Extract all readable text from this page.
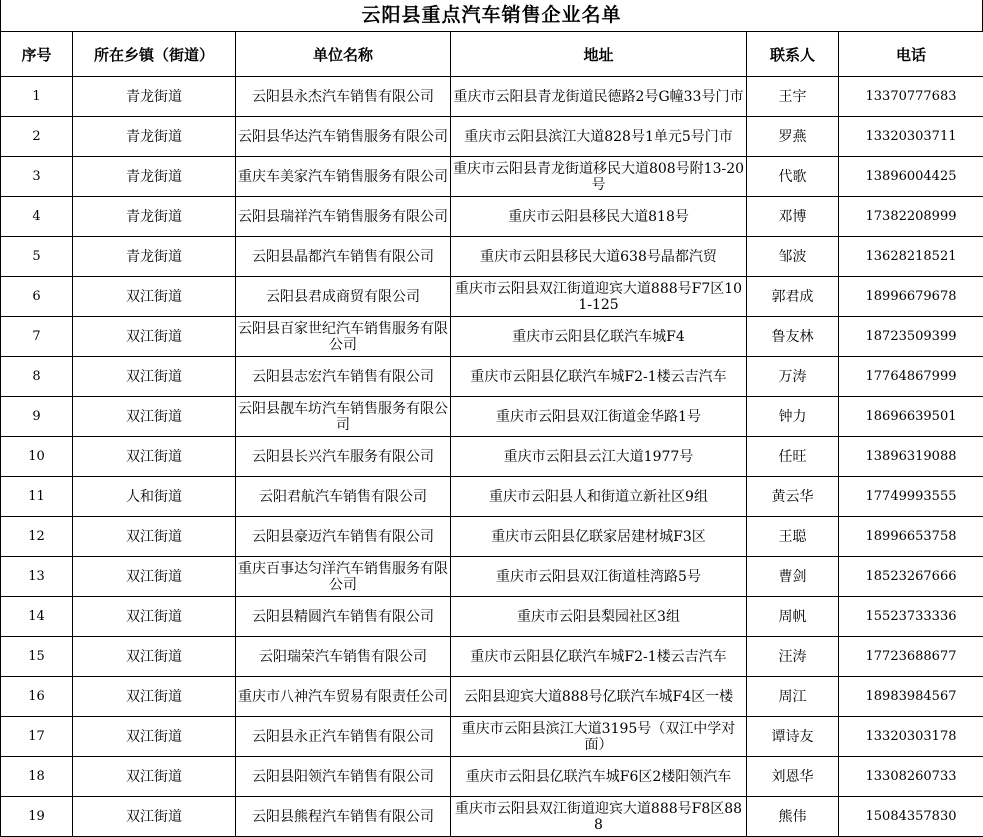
云阳县重点汽车销售企业名单
序号	所在乡镇（街道）	单位名称	地址	联系人	电话
1	青龙街道	云阳县永杰汽车销售有限公司	重庆市云阳县青龙街道民德路2号G幢33号门市	王宇	13370777683
2	青龙街道	云阳县华达汽车销售服务有限公司	重庆市云阳县滨江大道828号1单元5号门市	罗燕	13320303711
3	青龙街道	重庆车美家汽车销售服务有限公司	重庆市云阳县青龙街道移民大道808号附13-20号	代歌	13896004425
4	青龙街道	云阳县瑞祥汽车销售服务有限公司	重庆市云阳县移民大道818号	邓博	17382208999
5	青龙街道	云阳县晶都汽车销售有限公司	重庆市云阳县移民大道638号晶都汽贸	邹波	13628218521
6	双江街道	云阳县君成商贸有限公司	重庆市云阳县双江街道迎宾大道888号F7区101-125	郭君成	18996679678
7	双江街道	云阳县百家世纪汽车销售服务有限公司	重庆市云阳县亿联汽车城F4	鲁友林	18723509399
8	双江街道	云阳县志宏汽车销售有限公司	重庆市云阳县亿联汽车城F2-1楼云吉汽车	万涛	17764867999
9	双江街道	云阳县靓车坊汽车销售服务有限公司	重庆市云阳县双江街道金华路1号	钟力	18696639501
10	双江街道	云阳县长兴汽车服务有限公司	重庆市云阳县云江大道1977号	任旺	13896319088
11	人和街道	云阳君航汽车销售有限公司	重庆市云阳县人和街道立新社区9组	黄云华	17749993555
12	双江街道	云阳县豪迈汽车销售有限公司	重庆市云阳县亿联家居建材城F3区	王聪	18996653758
13	双江街道	重庆百事达匀洋汽车销售服务有限公司	重庆市云阳县双江街道桂湾路5号	曹剑	18523267666
14	双江街道	云阳县精圆汽车销售有限公司	重庆市云阳县梨园社区3组	周帆	15523733336
15	双江街道	云阳瑞荣汽车销售有限公司	重庆市云阳县亿联汽车城F2-1楼云吉汽车	汪涛	17723688677
16	双江街道	重庆市八神汽车贸易有限责任公司	云阳县迎宾大道888号亿联汽车城F4区一楼	周江	18983984567
17	双江街道	云阳县永正汽车销售有限公司	重庆市云阳县滨江大道3195号（双江中学对面）	谭诗友	13320303178
18	双江街道	云阳县阳领汽车销售有限公司	重庆市云阳县亿联汽车城F6区2楼阳领汽车	刘恩华	13308260733
19	双江街道	云阳县熊程汽车销售有限公司	重庆市云阳县双江街道迎宾大道888号F8区888	熊伟	15084357830
